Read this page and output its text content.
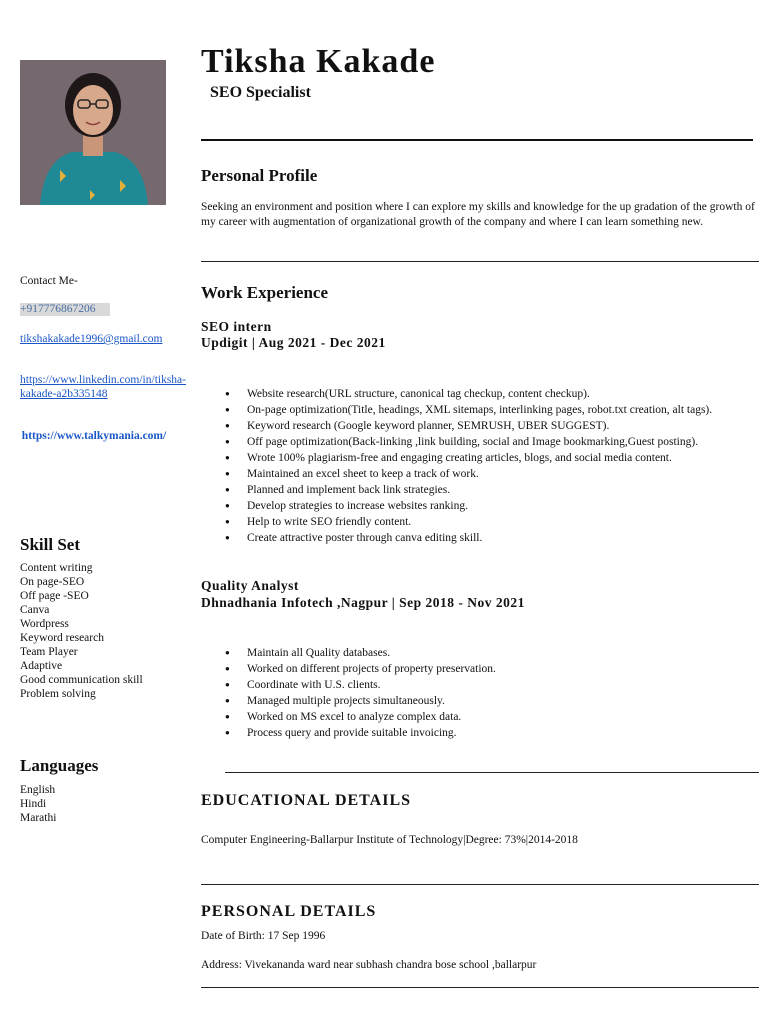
Contact Me-
+917776867206
tikshakakade1996@gmail.com
https://www.linkedin.com/in/tiksha-kakade-a2b335148
https://www.talkymania.com/
Skill Set
Content writing
On page-SEO
Off page -SEO
Canva
Wordpress
Keyword research
Team Player
Adaptive
Good communication skill
Problem solving
Languages
English
Hindi
Marathi
Tiksha Kakade
SEO Specialist
Personal Profile
Seeking an environment and position where I can explore my skills and knowledge for the up gradation of the growth of my career with augmentation of organizational growth of the company and where I can learn something new.
Work Experience
SEO intern
Updigit | Aug 2021 - Dec 2021
● Website research(URL structure, canonical tag checkup, content checkup).
● On-page optimization(Title, headings, XML sitemaps, interlinking pages, robot.txt creation, alt tags).
● Keyword research (Google keyword planner, SEMRUSH, UBER SUGGEST).
● Off page optimization(Back-linking ,link building, social and Image bookmarking,Guest posting).
● Wrote 100% plagiarism-free and engaging creating articles, blogs, and social media content.
● Maintained an excel sheet to keep a track of work.
● Planned and implement back link strategies.
● Develop strategies to increase websites ranking.
● Help to write SEO friendly content.
● Create attractive poster through canva editing skill.
Quality Analyst
Dhnadhania Infotech ,Nagpur | Sep 2018 - Nov 2021
● Maintain all Quality databases.
● Worked on different projects of property preservation.
● Coordinate with U.S. clients.
● Managed multiple projects simultaneously.
● Worked on MS excel to analyze complex data.
● Process query and provide suitable invoicing.
EDUCATIONAL DETAILS
Computer Engineering-Ballarpur Institute of Technology|Degree: 73%|2014-2018
PERSONAL DETAILS
Date of Birth: 17 Sep 1996
Address: Vivekananda ward near subhash chandra bose school ,ballarpur
